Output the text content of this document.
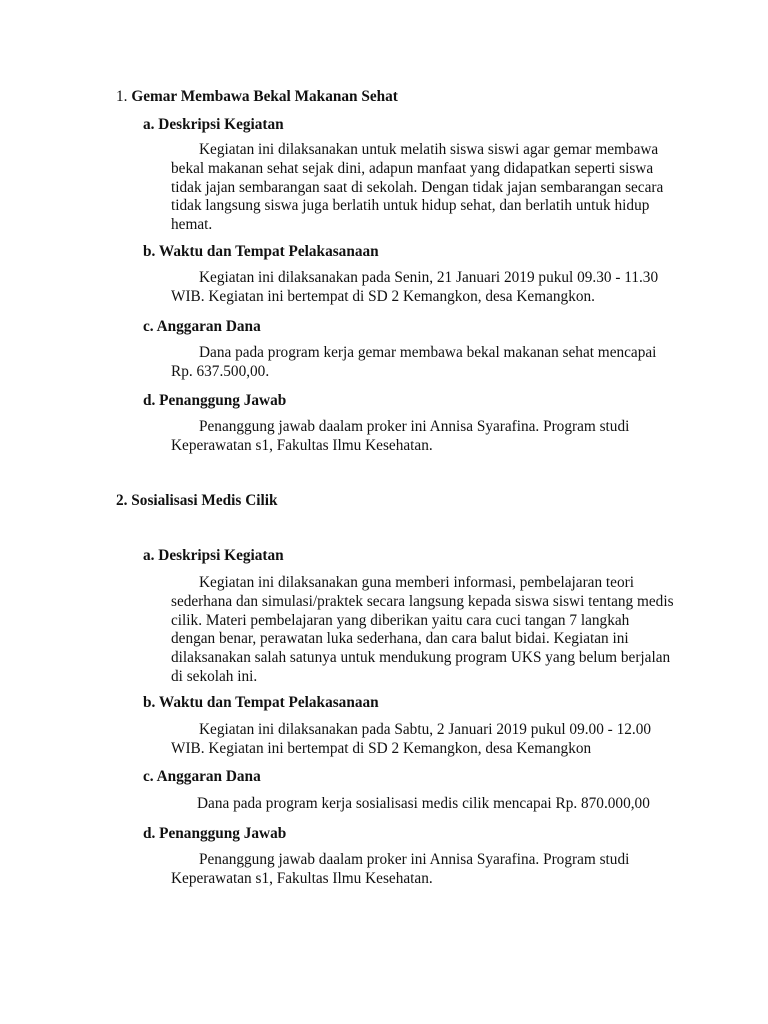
1. Gemar Membawa Bekal Makanan Sehat
a. Deskripsi Kegiatan
Kegiatan ini dilaksanakan untuk melatih siswa siswi agar gemar membawa
bekal makanan sehat sejak dini, adapun manfaat yang didapatkan seperti siswa
tidak jajan sembarangan saat di sekolah. Dengan tidak jajan sembarangan secara
tidak langsung siswa juga berlatih untuk hidup sehat, dan berlatih untuk hidup
hemat.
b. Waktu dan Tempat Pelakasanaan
Kegiatan ini dilaksanakan pada Senin, 21 Januari 2019 pukul 09.30 - 11.30
WIB. Kegiatan ini bertempat di SD 2 Kemangkon, desa Kemangkon.
c. Anggaran Dana
Dana pada program kerja gemar membawa bekal makanan sehat mencapai
Rp. 637.500,00.
d. Penanggung Jawab
Penanggung jawab daalam proker ini Annisa Syarafina. Program studi
Keperawatan s1, Fakultas Ilmu Kesehatan.
2. Sosialisasi Medis Cilik
a. Deskripsi Kegiatan
Kegiatan ini dilaksanakan guna memberi informasi, pembelajaran teori
sederhana dan simulasi/praktek secara langsung kepada siswa siswi tentang medis
cilik. Materi pembelajaran yang diberikan yaitu cara cuci tangan 7 langkah
dengan benar, perawatan luka sederhana, dan cara balut bidai. Kegiatan ini
dilaksanakan salah satunya untuk mendukung program UKS yang belum berjalan
di sekolah ini.
b. Waktu dan Tempat Pelakasanaan
Kegiatan ini dilaksanakan pada Sabtu, 2 Januari 2019 pukul 09.00 - 12.00
WIB. Kegiatan ini bertempat di SD 2 Kemangkon, desa Kemangkon
c. Anggaran Dana
Dana pada program kerja sosialisasi medis cilik mencapai Rp. 870.000,00
d. Penanggung Jawab
Penanggung jawab daalam proker ini Annisa Syarafina. Program studi
Keperawatan s1, Fakultas Ilmu Kesehatan.
